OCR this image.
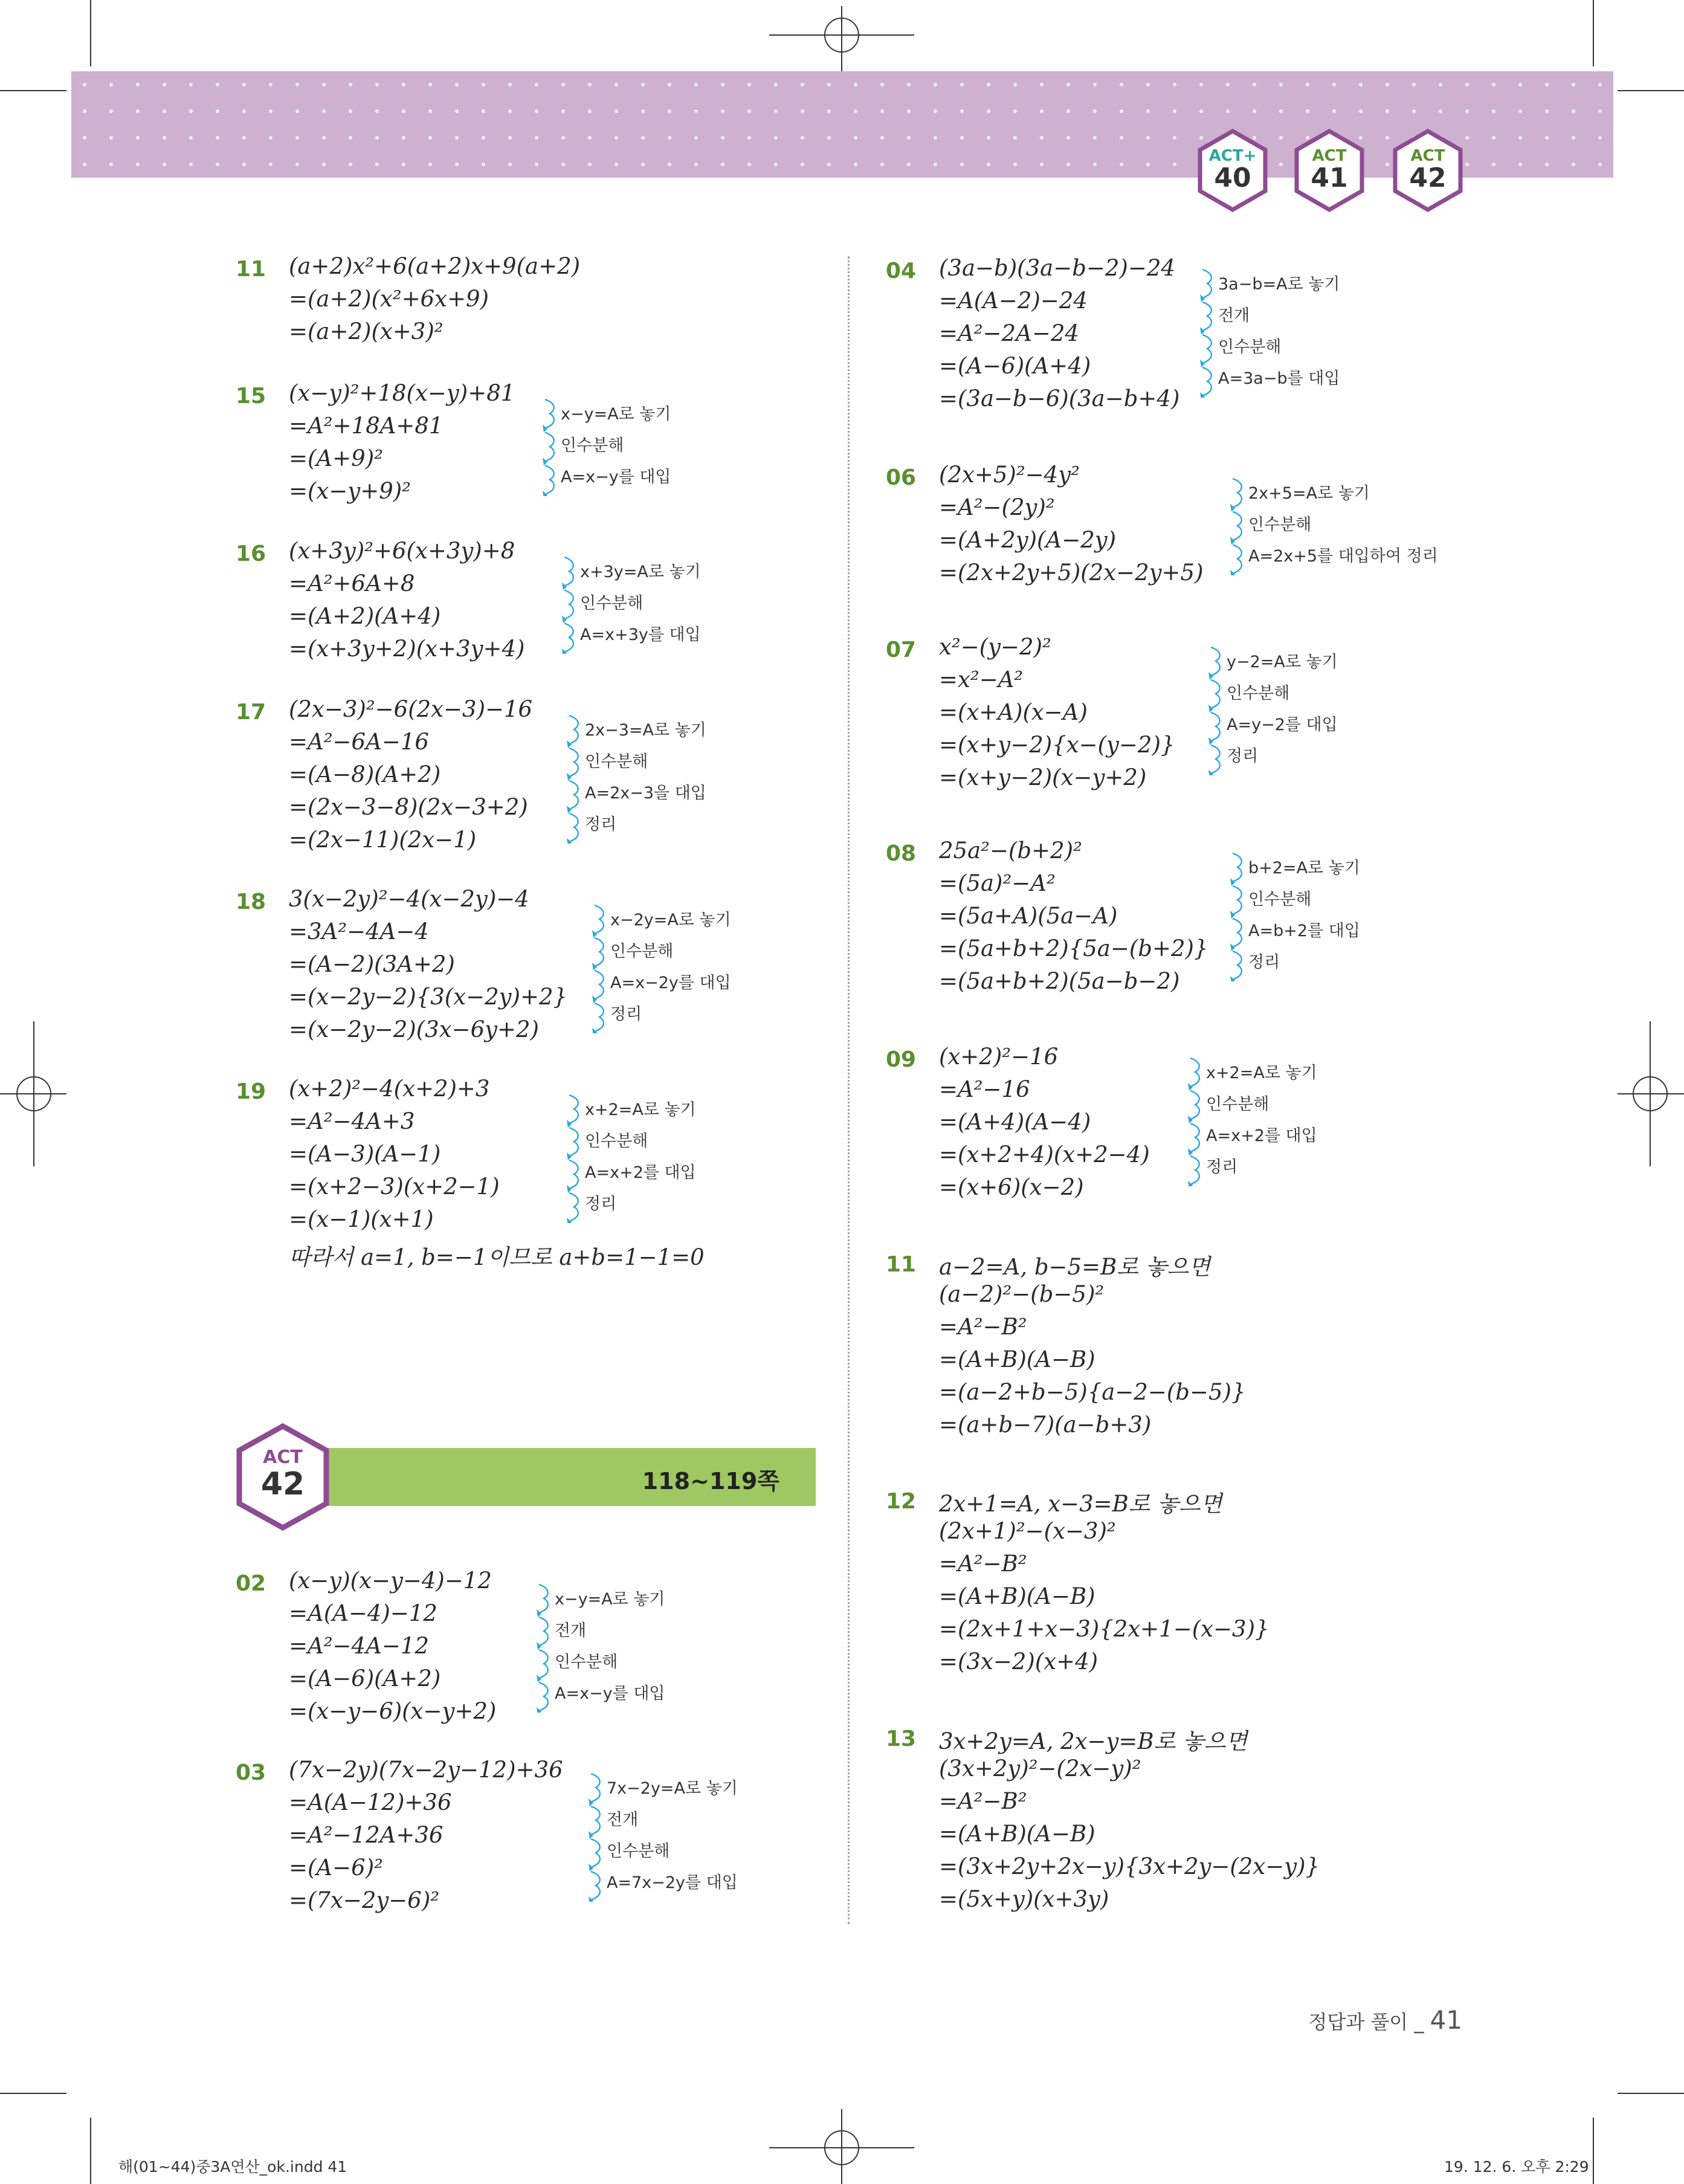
ACT+
40
ACT
41
ACT
42
11 (a+2)x²+6(a+2)x+9(a+2)
=(a+2)(x²+6x+9)
=(a+2)(x+3)²
15 (x−y)²+18(x−y)+81
=A²+18A+81
=(A+9)²
=(x−y+9)²
x−y=A로 놓기
인수분해
A=x−y를 대입
16 (x+3y)²+6(x+3y)+8
=A²+6A+8
=(A+2)(A+4)
=(x+3y+2)(x+3y+4)
x+3y=A로 놓기
인수분해
A=x+3y를 대입
17 (2x−3)²−6(2x−3)−16
=A²−6A−16
=(A−8)(A+2)
=(2x−3−8)(2x−3+2)
=(2x−11)(2x−1)
2x−3=A로 놓기
인수분해
A=2x−3을 대입
정리
18 3(x−2y)²−4(x−2y)−4
=3A²−4A−4
=(A−2)(3A+2)
=(x−2y−2){3(x−2y)+2}
=(x−2y−2)(3x−6y+2)
x−2y=A로 놓기
인수분해
A=x−2y를 대입
정리
19 (x+2)²−4(x+2)+3
=A²−4A+3
=(A−3)(A−1)
=(x+2−3)(x+2−1)
=(x−1)(x+1)
따라서 a=1, b=−1이므로 a+b=1−1=0
x+2=A로 놓기
인수분해
A=x+2를 대입
정리
118~119쪽
ACT
42
02 (x−y)(x−y−4)−12
=A(A−4)−12
=A²−4A−12
=(A−6)(A+2)
=(x−y−6)(x−y+2)
x−y=A로 놓기
전개
인수분해
A=x−y를 대입
03 (7x−2y)(7x−2y−12)+36
=A(A−12)+36
=A²−12A+36
=(A−6)²
=(7x−2y−6)²
7x−2y=A로 놓기
전개
인수분해
A=7x−2y를 대입
04 (3a−b)(3a−b−2)−24
=A(A−2)−24
=A²−2A−24
=(A−6)(A+4)
=(3a−b−6)(3a−b+4)
3a−b=A로 놓기
전개
인수분해
A=3a−b를 대입
06 (2x+5)²−4y²
=A²−(2y)²
=(A+2y)(A−2y)
=(2x+2y+5)(2x−2y+5)
2x+5=A로 놓기
인수분해
A=2x+5를 대입하여 정리
07 x²−(y−2)²
=x²−A²
=(x+A)(x−A)
=(x+y−2){x−(y−2)}
=(x+y−2)(x−y+2)
y−2=A로 놓기
인수분해
A=y−2를 대입
정리
08 25a²−(b+2)²
=(5a)²−A²
=(5a+A)(5a−A)
=(5a+b+2){5a−(b+2)}
=(5a+b+2)(5a−b−2)
b+2=A로 놓기
인수분해
A=b+2를 대입
정리
09 (x+2)²−16
=A²−16
=(A+4)(A−4)
=(x+2+4)(x+2−4)
=(x+6)(x−2)
x+2=A로 놓기
인수분해
A=x+2를 대입
정리
11 a−2=A, b−5=B로 놓으면
(a−2)²−(b−5)²
=A²−B²
=(A+B)(A−B)
=(a−2+b−5){a−2−(b−5)}
=(a+b−7)(a−b+3)
12 2x+1=A, x−3=B로 놓으면
(2x+1)²−(x−3)²
=A²−B²
=(A+B)(A−B)
=(2x+1+x−3){2x+1−(x−3)}
=(3x−2)(x+4)
13 3x+2y=A, 2x−y=B로 놓으면
(3x+2y)²−(2x−y)²
=A²−B²
=(A+B)(A−B)
=(3x+2y+2x−y){3x+2y−(2x−y)}
=(5x+y)(x+3y)
정답과 풀이 _ 41
해(01~44)중3A연산_ok.indd 41	19. 12. 6. 오후 2:29
